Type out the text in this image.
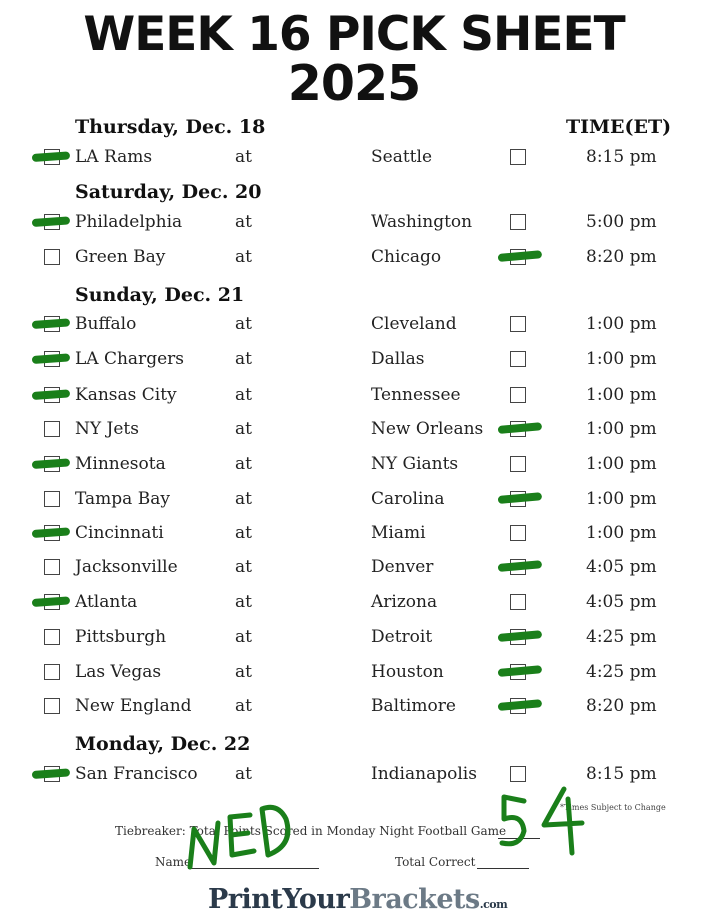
WEEK 16 PICK SHEET
2025
Thursday, Dec. 18	TIME(ET)
Saturday, Dec. 20
Sunday, Dec. 21
Monday, Dec. 22
LA Rams	at	Seattle	8:15 pm
Philadelphia	at	Washington	5:00 pm
Green Bay	at	Chicago	8:20 pm
Buffalo	at	Cleveland	1:00 pm
LA Chargers	at	Dallas	1:00 pm
Kansas City	at	Tennessee	1:00 pm
NY Jets	at	New Orleans	1:00 pm
Minnesota	at	NY Giants	1:00 pm
Tampa Bay	at	Carolina	1:00 pm
Cincinnati	at	Miami	1:00 pm
Jacksonville	at	Denver	4:05 pm
Atlanta	at	Arizona	4:05 pm
Pittsburgh	at	Detroit	4:25 pm
Las Vegas	at	Houston	4:25 pm
New England	at	Baltimore	8:20 pm
San Francisco at	Indianapolis	8:15 pm
*Times Subject to Change
Tiebreaker: Total Points Scored in Monday Night Football Game
Name	Total Correct
PrintYourBrackets.com
